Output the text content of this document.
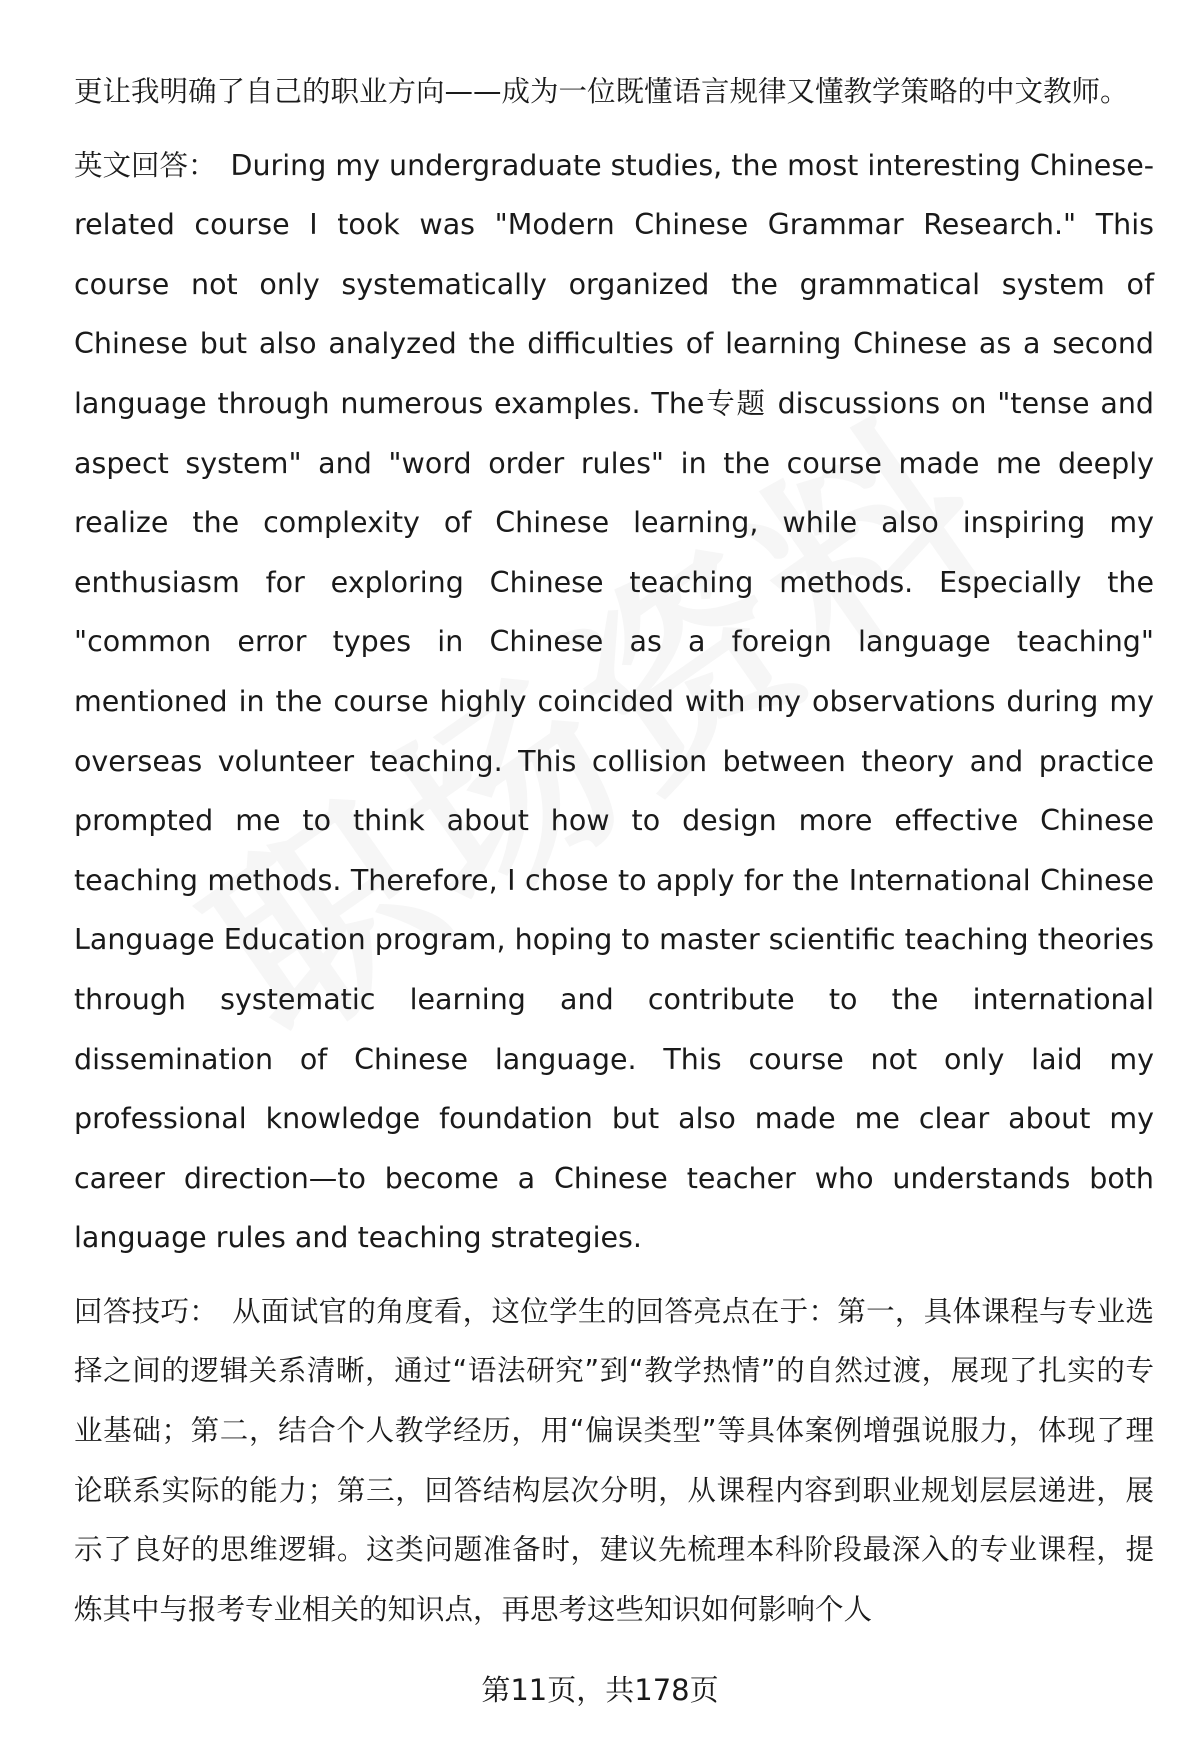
更让我明确了自己的职业方向——成为一位既懂语言规律又懂教学策略的中文教师。

英文回答： During my undergraduate studies, the most interesting Chinese-related course I took was "Modern Chinese Grammar Research." This course not only systematically organized the grammatical system of Chinese but also analyzed the difficulties of learning Chinese as a second language through numerous examples. The专题 discussions on "tense and aspect system" and "word order rules" in the course made me deeply realize the complexity of Chinese learning, while also inspiring my enthusiasm for exploring Chinese teaching methods. Especially the "common error types in Chinese as a foreign language teaching" mentioned in the course highly coincided with my observations during my overseas volunteer teaching. This collision between theory and practice prompted me to think about how to design more effective Chinese teaching methods. Therefore, I chose to apply for the International Chinese Language Education program, hoping to master scientific teaching theories through systematic learning and contribute to the international dissemination of Chinese language. This course not only laid my professional knowledge foundation but also made me clear about my career direction—to become a Chinese teacher who understands both language rules and teaching strategies.

回答技巧： 从面试官的角度看，这位学生的回答亮点在于：第一，具体课程与专业选择之间的逻辑关系清晰，通过“语法研究”到“教学热情”的自然过渡，展现了扎实的专业基础；第二，结合个人教学经历，用“偏误类型”等具体案例增强说服力，体现了理论联系实际的能力；第三，回答结构层次分明，从课程内容到职业规划层层递进，展示了良好的思维逻辑。这类问题准备时，建议先梳理本科阶段最深入的专业课程，提炼其中与报考专业相关的知识点，再思考这些知识如何影响个人

第11页，共178页
